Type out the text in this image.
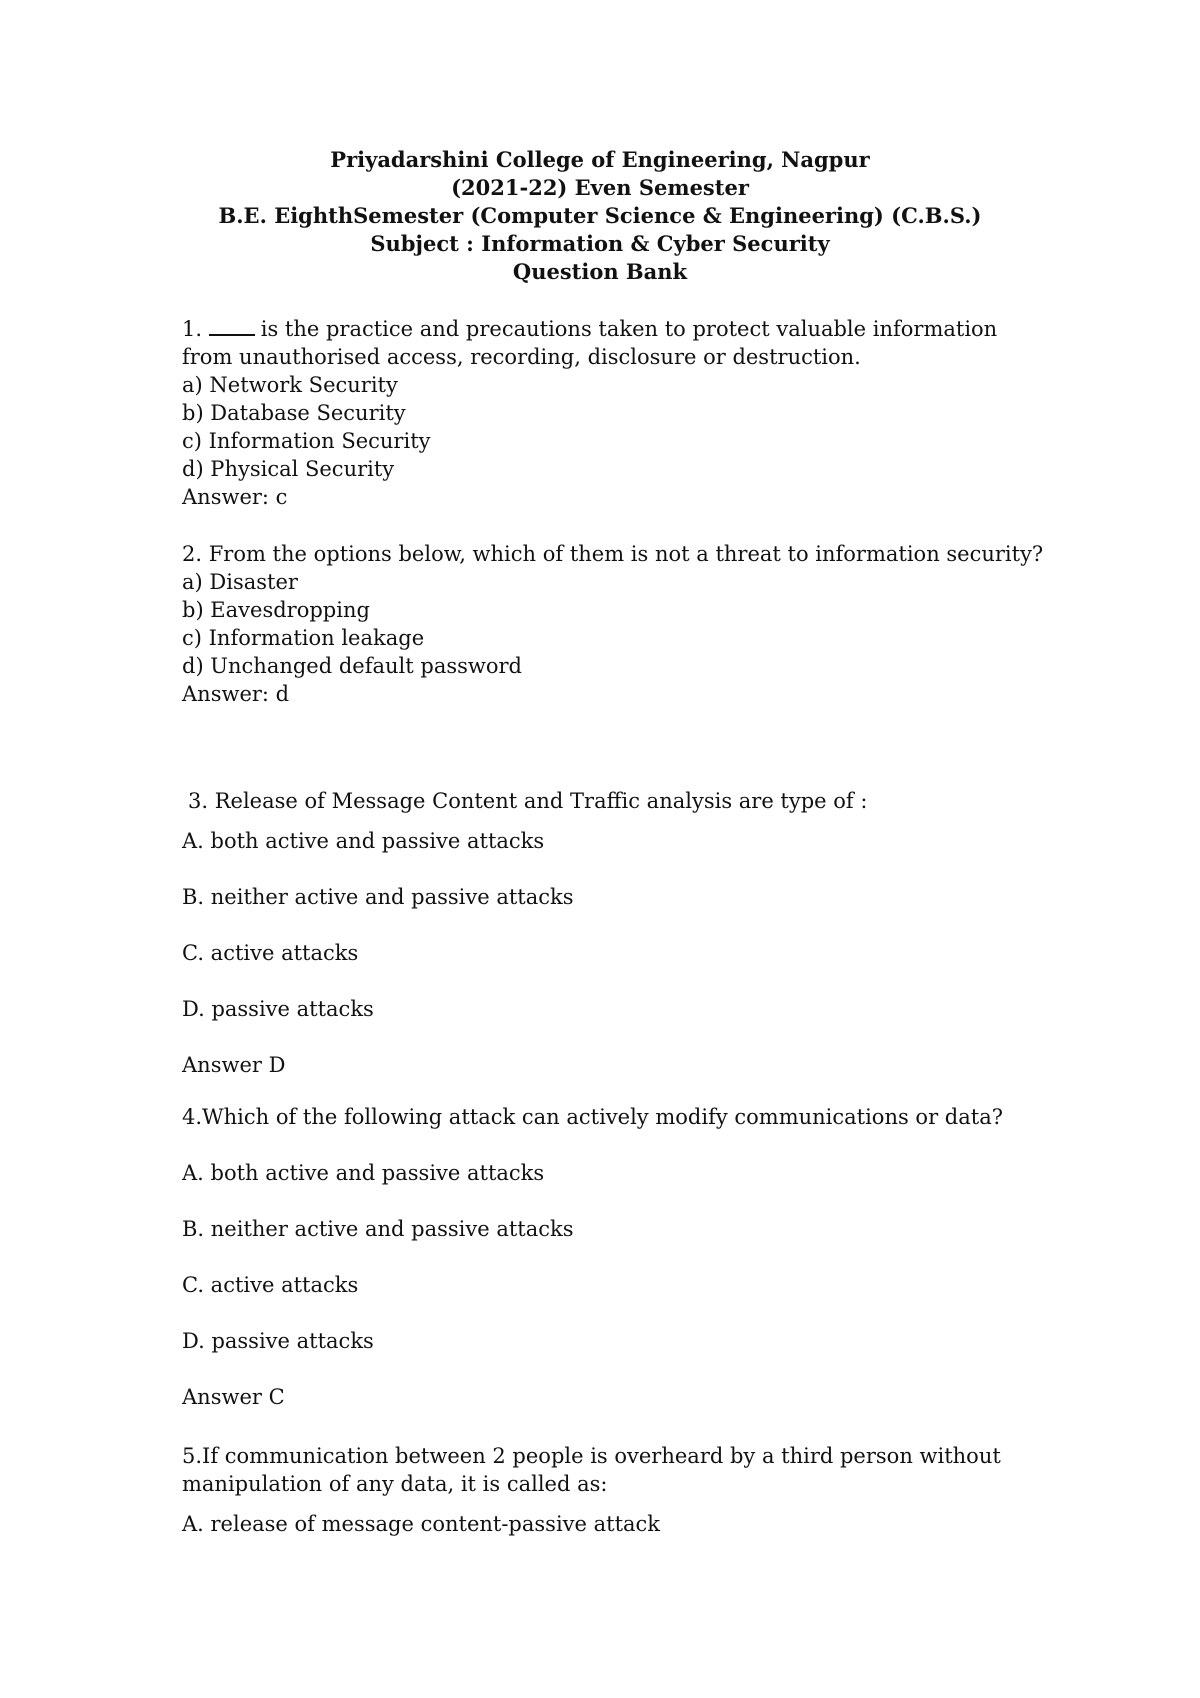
Priyadarshini College of Engineering, Nagpur
(2021-22) Even Semester
B.E. EighthSemester (Computer Science & Engineering) (C.B.S.)
Subject : Information & Cyber Security
Question Bank
1.	is the practice and precautions taken to protect valuable information from unauthorised access, recording, disclosure or destruction.
a) Network Security
b) Database Security
c) Information Security
d) Physical Security
Answer: c
2. From the options below, which of them is not a threat to information security?
a) Disaster
b) Eavesdropping
c) Information leakage
d) Unchanged default password
Answer: d
3. Release of Message Content and Traffic analysis are type of :
A. both active and passive attacks
B. neither active and passive attacks
C. active attacks
D. passive attacks
Answer D
4.Which of the following attack can actively modify communications or data?
A. both active and passive attacks
B. neither active and passive attacks
C. active attacks
D. passive attacks
Answer C
5.If communication between 2 people is overheard by a third person without manipulation of any data, it is called as:
A. release of message content-passive attack
